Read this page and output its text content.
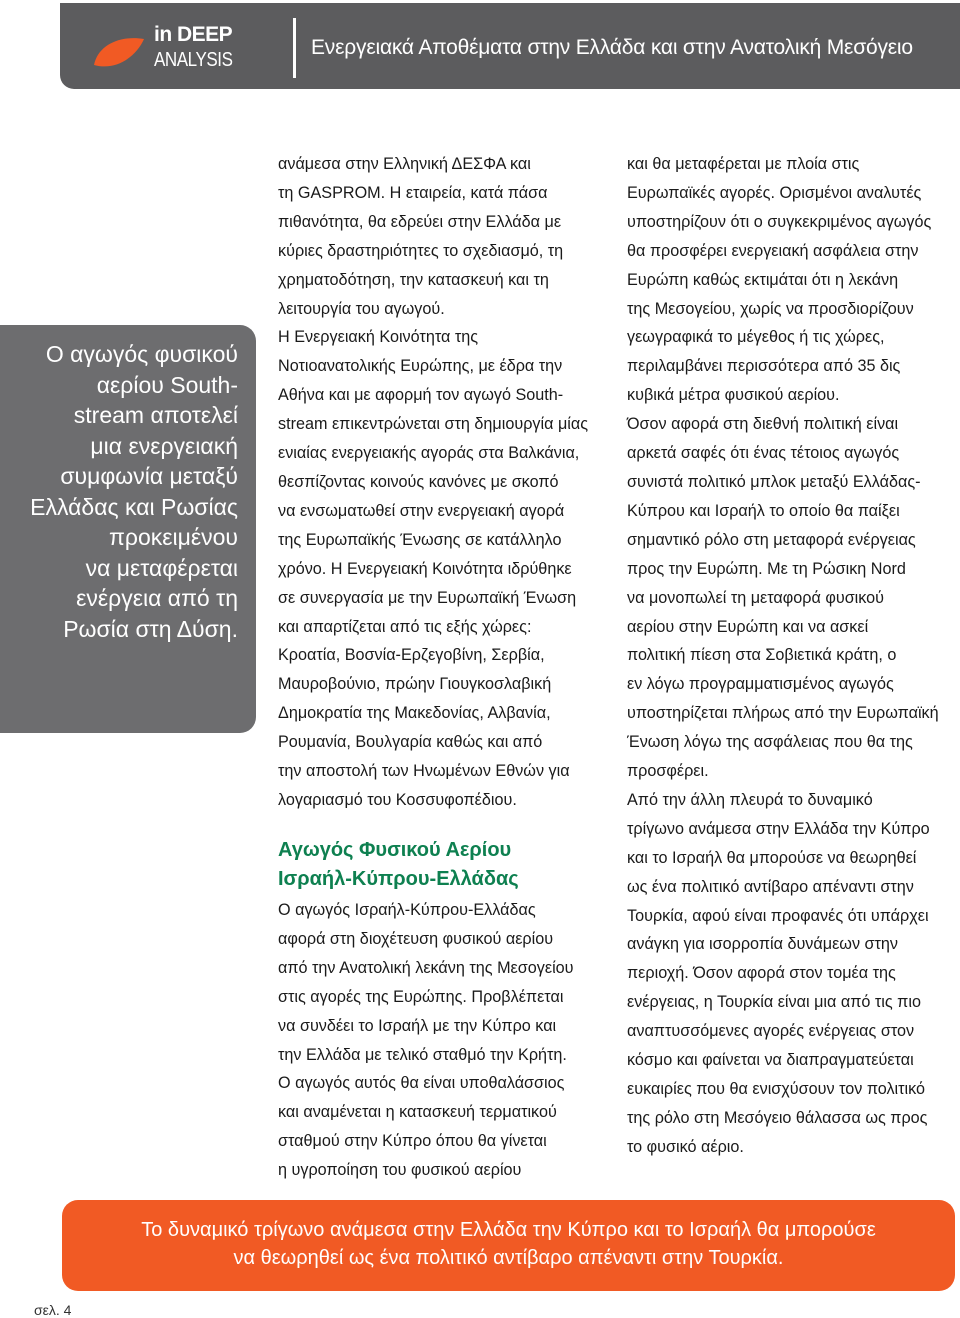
in DEEP
ANALYSIS
Ενεργειακά Αποθέματα στην Ελλάδα και στην Ανατολική Μεσόγειο
Ο αγωγός φυσικού
αερίου South-
stream αποτελεί
μια ενεργειακή
συμφωνία μεταξύ
Ελλάδας και Ρωσίας
προκειμένου
να μεταφέρεται
ενέργεια από τη
Ρωσία στη Δύση.
ανάμεσα στην Ελληνική ΔΕΣΦΑ και
τη GASPROM. Η εταιρεία, κατά πάσα
πιθανότητα, θα εδρεύει στην Ελλάδα με
κύριες δραστηριότητες το σχεδιασμό, τη
χρηματοδότηση, την κατασκευή και τη
λειτουργία του αγωγού.
Η Ενεργειακή Κοινότητα της
Νοτιοανατολικής Ευρώπης, με έδρα την
Αθήνα και με αφορμή τον αγωγό South-
stream επικεντρώνεται στη δημιουργία μίας
ενιαίας ενεργειακής αγοράς στα Βαλκάνια,
θεσπίζοντας κοινούς κανόνες με σκοπό
να ενσωματωθεί στην ενεργειακή αγορά
της Ευρωπαϊκής Ένωσης σε κατάλληλο
χρόνο. Η Ενεργειακή Κοινότητα ιδρύθηκε
σε συνεργασία με την Ευρωπαϊκή Ένωση
και απαρτίζεται από τις εξής χώρες:
Κροατία, Βοσνία-Ερζεγοβίνη, Σερβία,
Μαυροβούνιο, πρώην Γιουγκοσλαβική
Δημοκρατία της Μακεδονίας, Αλβανία,
Ρουμανία, Βουλγαρία καθώς και από
την αποστολή των Ηνωμένων Εθνών για
λογαριασμό του Κοσσυφοπέδιου.
Αγωγός Φυσικού Αερίου
Ισραήλ-Κύπρου-Ελλάδας
Ο αγωγός Ισραήλ-Κύπρου-Ελλάδας
αφορά στη διοχέτευση φυσικού αερίου
από την Ανατολική λεκάνη της Μεσογείου
στις αγορές της Ευρώπης. Προβλέπεται
να συνδέει το Ισραήλ με την Κύπρο και
την Ελλάδα με τελικό σταθμό την Κρήτη.
Ο αγωγός αυτός θα είναι υποθαλάσσιος
και αναμένεται η κατασκευή τερματικού
σταθμού στην Κύπρο όπου θα γίνεται
η υγροποίηση του φυσικού αερίου
και θα μεταφέρεται με πλοία στις
Ευρωπαϊκές αγορές. Ορισμένοι αναλυτές
υποστηρίζουν ότι ο συγκεκριμένος αγωγός
θα προσφέρει ενεργειακή ασφάλεια στην
Ευρώπη καθώς εκτιμάται ότι η λεκάνη
της Μεσογείου, χωρίς να προσδιορίζουν
γεωγραφικά το μέγεθος ή τις χώρες,
περιλαμβάνει περισσότερα από 35 δις
κυβικά μέτρα φυσικού αερίου.
Όσον αφορά στη διεθνή πολιτική είναι
αρκετά σαφές ότι ένας τέτοιος αγωγός
συνιστά πολιτικό μπλοκ μεταξύ Ελλάδας-
Κύπρου και Ισραήλ το οποίο θα παίξει
σημαντικό ρόλο στη μεταφορά ενέργειας
προς την Ευρώπη. Με τη Ρώσικη Nord
να μονοπωλεί τη μεταφορά φυσικού
αερίου στην Ευρώπη και να ασκεί
πολιτική πίεση στα Σοβιετικά κράτη, ο
εν λόγω προγραμματισμένος αγωγός
υποστηρίζεται πλήρως από την Ευρωπαϊκή
Ένωση λόγω της ασφάλειας που θα της
προσφέρει.
Από την άλλη πλευρά το δυναμικό
τρίγωνο ανάμεσα στην Ελλάδα την Κύπρο
και το Ισραήλ θα μπορούσε να θεωρηθεί
ως ένα πολιτικό αντίβαρο απέναντι στην
Τουρκία, αφού είναι προφανές ότι υπάρχει
ανάγκη για ισορροπία δυνάμεων στην
περιοχή. Όσον αφορά στον τομέα της
ενέργειας, η Τουρκία είναι μια από τις πιο
αναπτυσσόμενες αγορές ενέργειας στον
κόσμο και φαίνεται να διαπραγματεύεται
ευκαιρίες που θα ενισχύσουν τον πολιτικό
της ρόλο στη Μεσόγειο θάλασσα ως προς
το φυσικό αέριο.
Το δυναμικό τρίγωνο ανάμεσα στην Ελλάδα την Κύπρο και το Ισραήλ θα μπορούσε
να θεωρηθεί ως ένα πολιτικό αντίβαρο απέναντι στην Τουρκία.
σελ. 4
